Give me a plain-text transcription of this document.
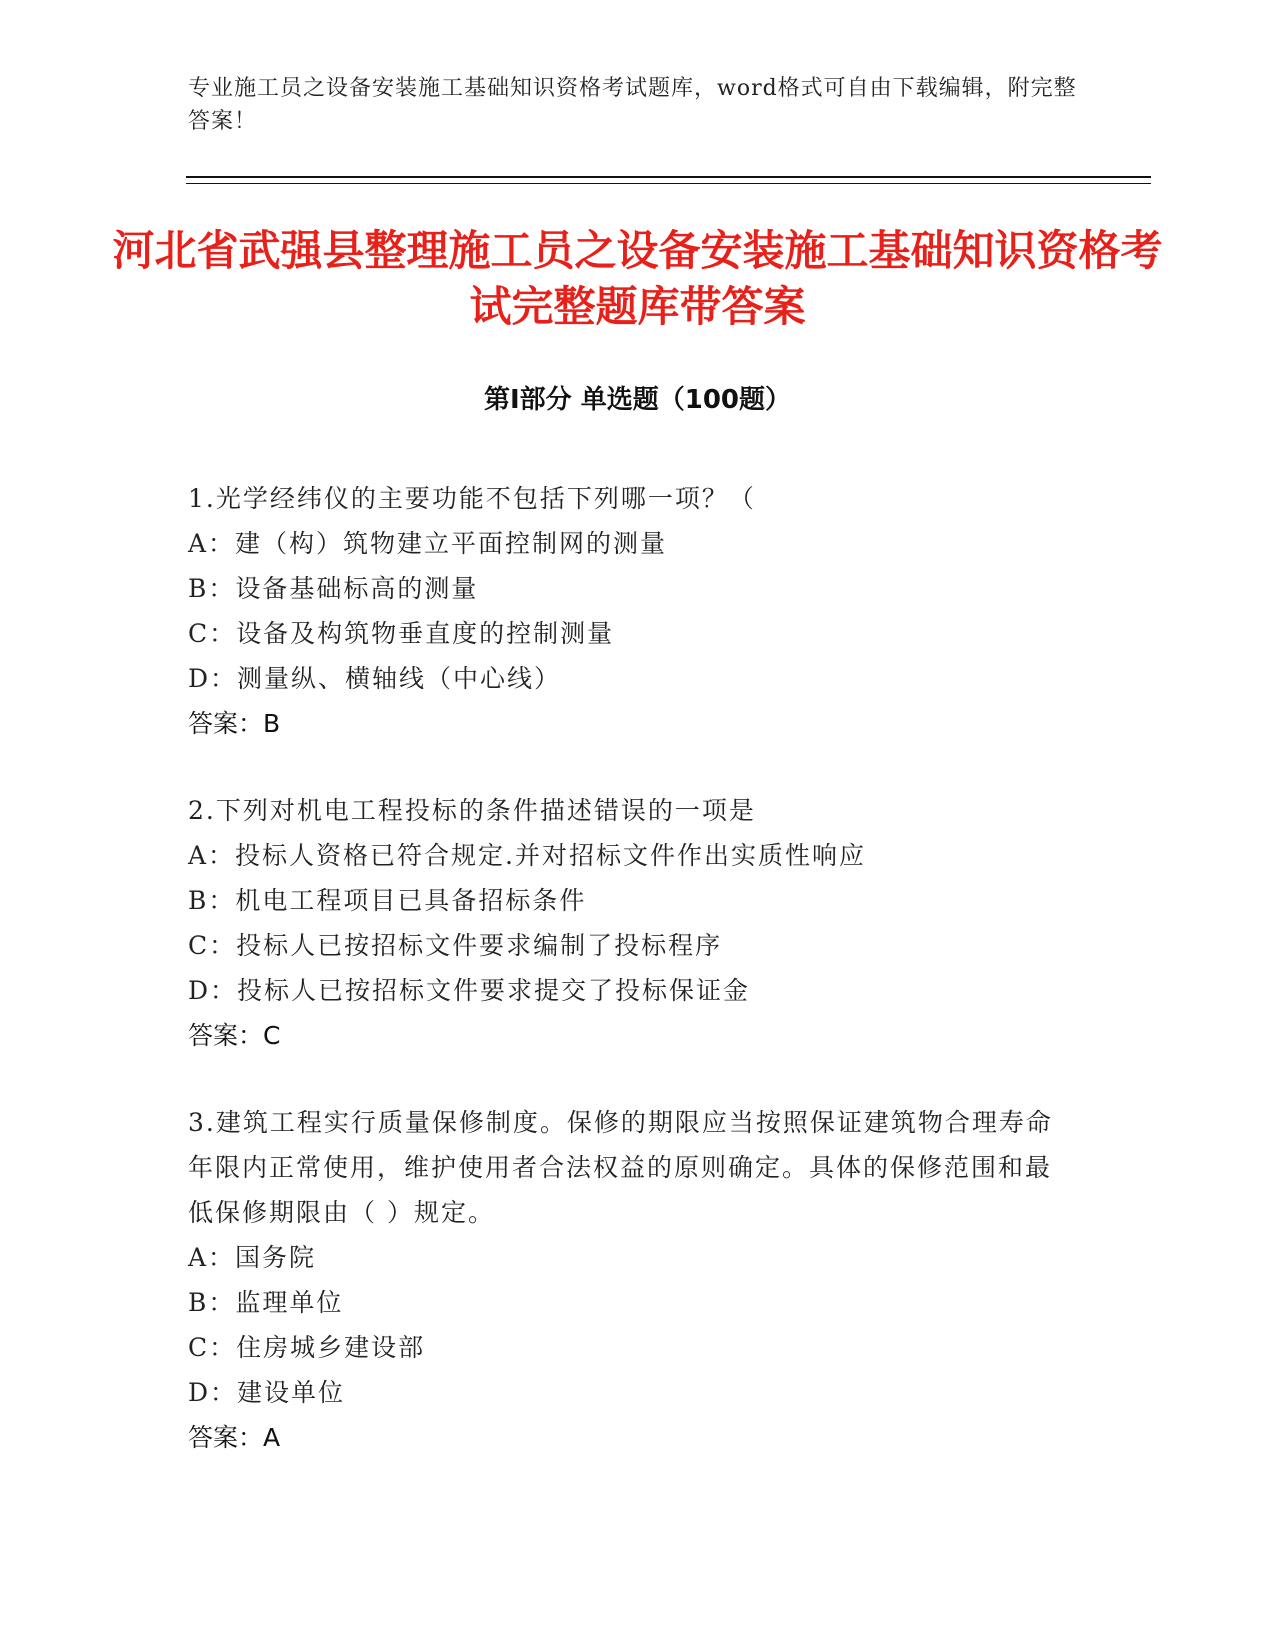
专业施工员之设备安装施工基础知识资格考试题库，word格式可自由下载编辑，附完整答案！
河北省武强县整理施工员之设备安装施工基础知识资格考试完整题库带答案
第I部分 单选题（100题）
1.光学经纬仪的主要功能不包括下列哪一项？（
A：建（构）筑物建立平面控制网的测量
B：设备基础标高的测量
C：设备及构筑物垂直度的控制测量
D：测量纵、横轴线（中心线）
答案：B
2.下列对机电工程投标的条件描述错误的一项是
A：投标人资格已符合规定.并对招标文件作出实质性响应
B：机电工程项目已具备招标条件
C：投标人已按招标文件要求编制了投标程序
D：投标人已按招标文件要求提交了投标保证金
答案：C
3.建筑工程实行质量保修制度。保修的期限应当按照保证建筑物合理寿命年限内正常使用，维护使用者合法权益的原则确定。具体的保修范围和最低保修期限由（ ）规定。
A：国务院
B：监理单位
C：住房城乡建设部
D：建设单位
答案：A
